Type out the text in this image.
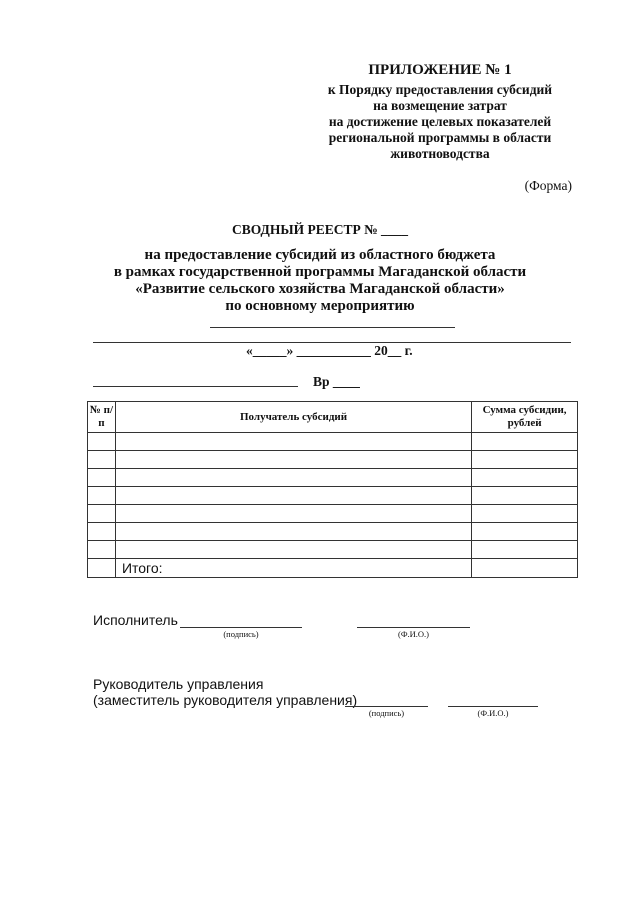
ПРИЛОЖЕНИЕ № 1
к Порядку предоставления субсидий
на возмещение затрат
на достижение целевых показателей
региональной программы в области
животноводства
(Форма)
СВОДНЫЙ РЕЕСТР № ____
на предоставление субсидий из областного бюджета
в рамках государственной программы Магаданской области
«Развитие сельского хозяйства Магаданской области»
по основному мероприятию
«_____» ___________ 20__ г.
Вр ____
№ п/п	Получатель субсидий	Сумма субсидии, рублей

	Итого:	
Исполнитель
(подпись)	(Ф.И.О.)
Руководитель управления
(заместитель руководителя управления)
(подпись)	(Ф.И.О.)
